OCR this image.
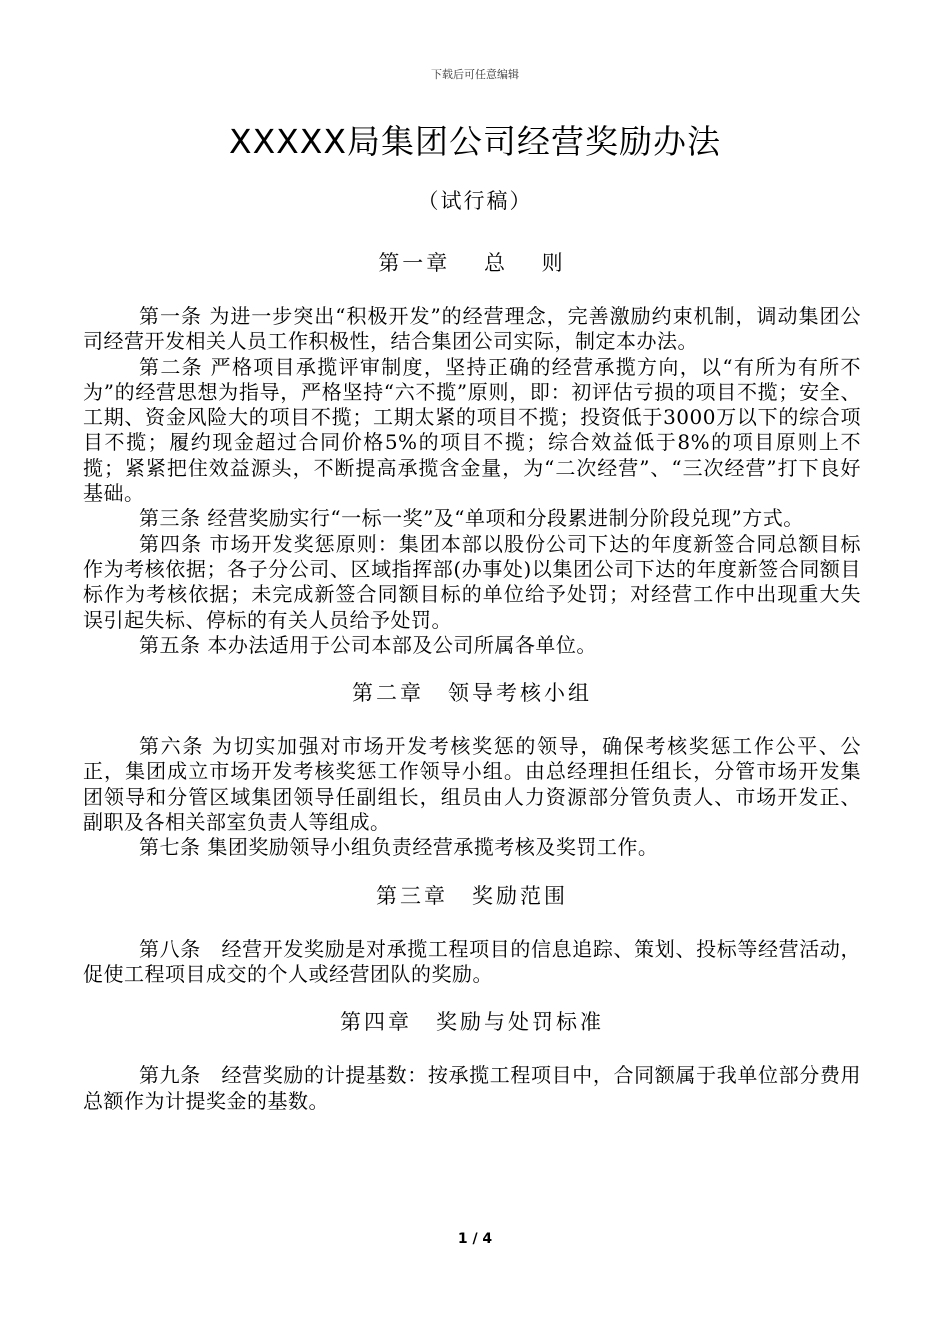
下载后可任意编辑
XXXXX局集团公司经营奖励办法
（试行稿）
第一章　 总　 则

第一条 为进一步突出“积极开发”的经营理念，完善激励约束机制，调动集团公司经营开发相关人员工作积极性，结合集团公司实际，制定本办法。

第二条 严格项目承揽评审制度，坚持正确的经营承揽方向，以“有所为有所不为”的经营思想为指导，严格坚持“六不揽”原则，即：初评估亏损的项目不揽；安全、工期、资金风险大的项目不揽；工期太紧的项目不揽；投资低于3000万以下的综合项目不揽；履约现金超过合同价格5%的项目不揽；综合效益低于8%的项目原则上不揽；紧紧把住效益源头，不断提高承揽含金量，为“二次经营”、“三次经营”打下良好基础。

第三条 经营奖励实行“一标一奖”及“单项和分段累进制分阶段兑现”方式。

第四条 市场开发奖惩原则：集团本部以股份公司下达的年度新签合同总额目标作为考核依据；各子分公司、区域指挥部(办事处)以集团公司下达的年度新签合同额目标作为考核依据；未完成新签合同额目标的单位给予处罚；对经营工作中出现重大失误引起失标、停标的有关人员给予处罚。

第五条 本办法适用于公司本部及公司所属各单位。

第二章　领导考核小组

第六条 为切实加强对市场开发考核奖惩的领导，确保考核奖惩工作公平、公正，集团成立市场开发考核奖惩工作领导小组。由总经理担任组长，分管市场开发集团领导和分管区域集团领导任副组长，组员由人力资源部分管负责人、市场开发正、副职及各相关部室负责人等组成。

第七条 集团奖励领导小组负责经营承揽考核及奖罚工作。

第三章　奖励范围

第八条　经营开发奖励是对承揽工程项目的信息追踪、策划、投标等经营活动，促使工程项目成交的个人或经营团队的奖励。

第四章　奖励与处罚标准

第九条　经营奖励的计提基数：按承揽工程项目中，合同额属于我单位部分费用总额作为计提奖金的基数。

1 / 4
